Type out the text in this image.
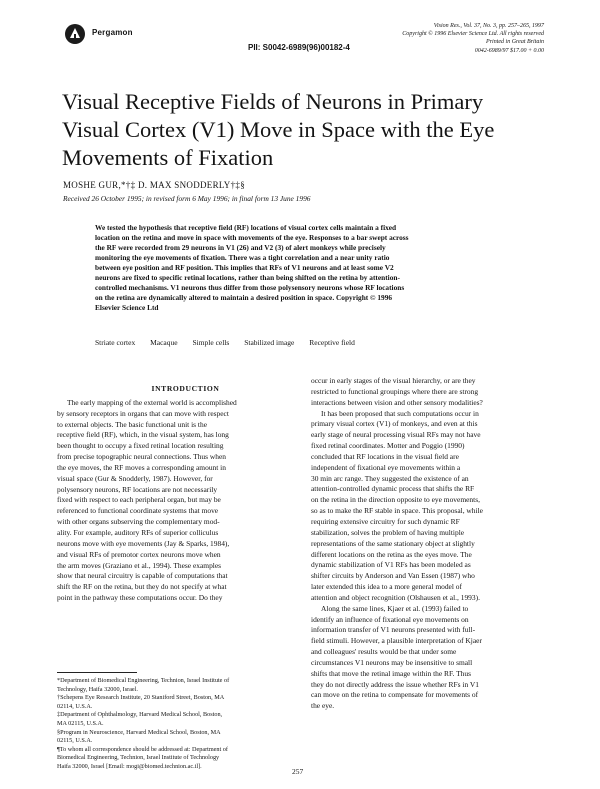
Pergamon
PII: S0042-6989(96)00182-4
Vision Res., Vol. 37, No. 3, pp. 257–265, 1997
Copyright © 1996 Elsevier Science Ltd. All rights reserved
Printed in Great Britain
0042-6989/97 $17.00 + 0.00
Visual Receptive Fields of Neurons in Primary
Visual Cortex (V1) Move in Space with the Eye
Movements of Fixation
MOSHE GUR,*†‡ D. MAX SNODDERLY†‡§
Received 26 October 1995; in revised form 6 May 1996; in final form 13 June 1996
We tested the hypothesis that receptive field (RF) locations of visual cortex cells maintain a fixed
location on the retina and move in space with movements of the eye. Responses to a bar swept across
the RF were recorded from 29 neurons in V1 (26) and V2 (3) of alert monkeys while precisely
monitoring the eye movements of fixation. There was a tight correlation and a near unity ratio
between eye position and RF position. This implies that RFs of V1 neurons and at least some V2
neurons are fixed to specific retinal locations, rather than being shifted on the retina by attention-
controlled mechanisms. V1 neurons thus differ from those polysensory neurons whose RF locations
on the retina are dynamically altered to maintain a desired position in space. Copyright © 1996
Elsevier Science Ltd
Striate cortex Macaque Simple cells Stabilized image Receptive field
INTRODUCTION
The early mapping of the external world is accomplished
by sensory receptors in organs that can move with respect
to external objects. The basic functional unit is the
receptive field (RF), which, in the visual system, has long
been thought to occupy a fixed retinal location resulting
from precise topographic neural connections. Thus when
the eye moves, the RF moves a corresponding amount in
visual space (Gur & Snodderly, 1987). However, for
polysensory neurons, RF locations are not necessarily
fixed with respect to each peripheral organ, but may be
referenced to functional coordinate systems that move
with other organs subserving the complementary mod-
ality. For example, auditory RFs of superior colliculus
neurons move with eye movements (Jay & Sparks, 1984),
and visual RFs of premotor cortex neurons move when
the arm moves (Graziano et al., 1994). These examples
show that neural circuitry is capable of computations that
shift the RF on the retina, but they do not specify at what
point in the pathway these computations occur. Do they
occur in early stages of the visual hierarchy, or are they
restricted to functional groupings where there are strong
interactions between vision and other sensory modalities?
It has been proposed that such computations occur in
primary visual cortex (V1) of monkeys, and even at this
early stage of neural processing visual RFs may not have
fixed retinal coordinates. Motter and Poggio (1990)
concluded that RF locations in the visual field are
independent of fixational eye movements within a
30 min arc range. They suggested the existence of an
attention-controlled dynamic process that shifts the RF
on the retina in the direction opposite to eye movements,
so as to make the RF stable in space. This proposal, while
requiring extensive circuitry for such dynamic RF
stabilization, solves the problem of having multiple
representations of the same stationary object at slightly
different locations on the retina as the eyes move. The
dynamic stabilization of V1 RFs has been modeled as
shifter circuits by Anderson and Van Essen (1987) who
later extended this idea to a more general model of
attention and object recognition (Olshausen et al., 1993).
Along the same lines, Kjaer et al. (1993) failed to
identify an influence of fixational eye movements on
information transfer of V1 neurons presented with full-
field stimuli. However, a plausible interpretation of Kjaer
and colleagues' results would be that under some
circumstances V1 neurons may be insensitive to small
shifts that move the retinal image within the RF. Thus
they do not directly address the issue whether RFs in V1
can move on the retina to compensate for movements of
the eye.
*Department of Biomedical Engineering, Technion, Israel Institute of
Technology, Haifa 32000, Israel.
†Schepens Eye Research Institute, 20 Staniford Street, Boston, MA
02114, U.S.A.
‡Department of Ophthalmology, Harvard Medical School, Boston,
MA 02115, U.S.A.
§Program in Neuroscience, Harvard Medical School, Boston, MA
02115, U.S.A.
¶To whom all correspondence should be addressed at: Department of
Biomedical Engineering, Technion, Israel Institute of Technology
Haifa 32000, Israel [Email: mogi@biomed.technion.ac.il].
257
